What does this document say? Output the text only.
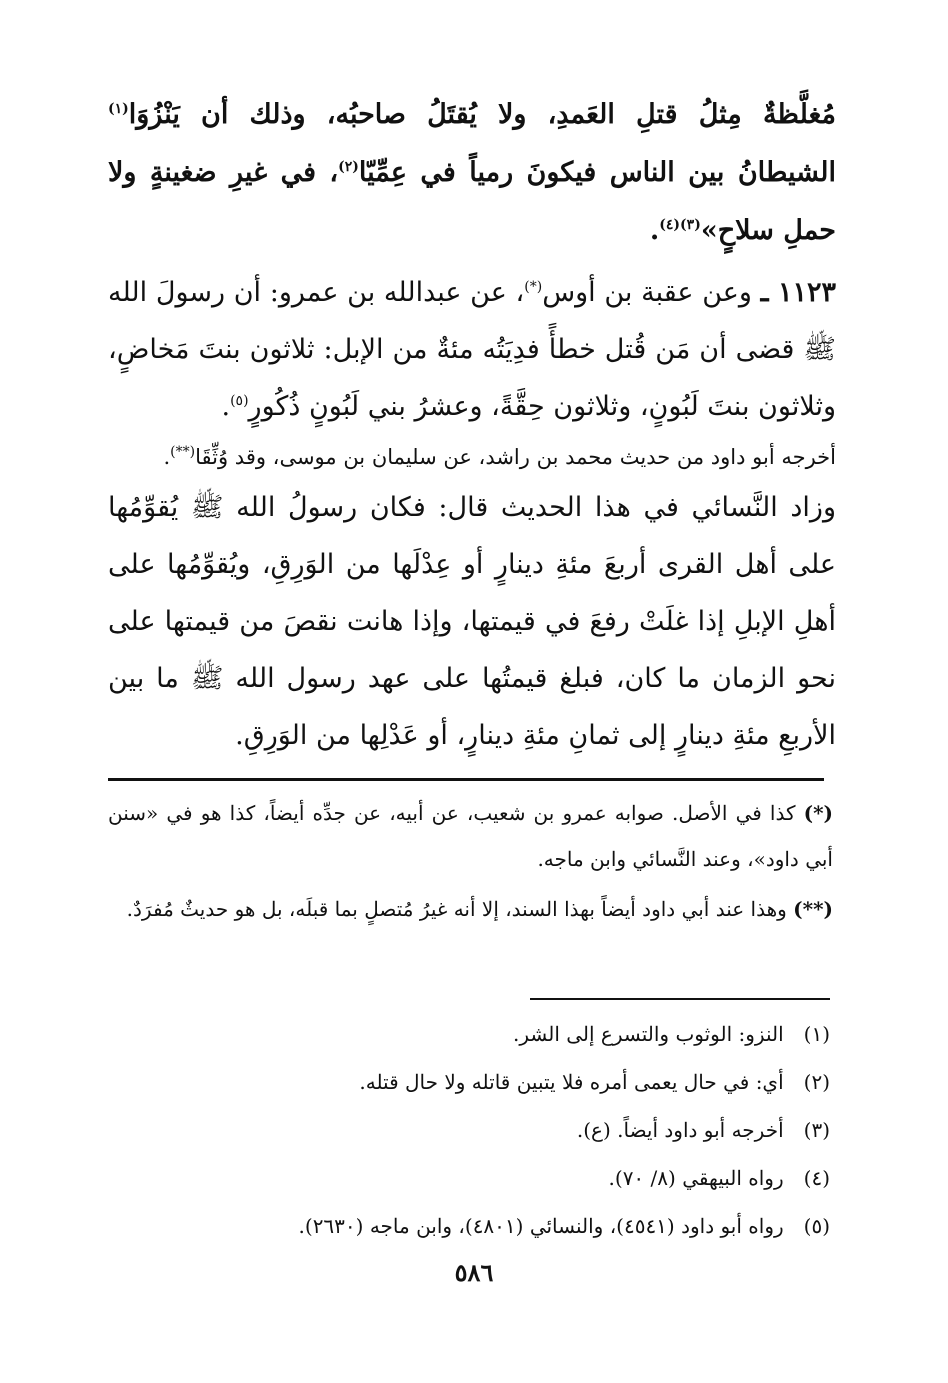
مُغلَّظةٌ مِثلُ قتلِ العَمدِ، ولا يُقتَلُ صاحبُه، وذلك أن يَنْزُوَا$^{(١)}$ الشيطانُ بين الناس فيكونَ رمياً في عِمِّيّا$^{(٢)}$، في غيرِ ضغينةٍ ولا حملِ سلاحٍ»$^{(٣)(٤)}$.

١١٢٣ ـ وعن عقبة بن أوس(*)، عن عبدالله بن عمرو: أن رسولَ الله ﷺ قضى أن مَن قُتل خطأً فدِيَتُه مئةٌ من الإبل: ثلاثون بنتَ مَخاضٍ، وثلاثون بنتَ لَبُونٍ، وثلاثون حِقَّةً، وعشرُ بني لَبُونٍ ذُكُورٍ$^{(٥)}$.

أخرجه أبو داود من حديث محمد بن راشد، عن سليمان بن موسى، وقد وُثِّقَا(**).

وزاد النَّسائي في هذا الحديث قال: فكان رسولُ الله ﷺ يُقوِّمُها على أهل القرى أربعَ مئةِ دينارٍ أو عِدْلَها من الوَرِقِ، ويُقوِّمُها على أهلِ الإبلِ إذا غلَتْ رفعَ في قيمتها، وإذا هانت نقصَ من قيمتها على نحو الزمان ما كان، فبلغ قيمتُها على عهد رسول الله ﷺ ما بين الأربعِ مئةِ دينارٍ إلى ثمانِ مئةِ دينارٍ، أو عَدْلِها من الوَرِقِ.

(*) كذا في الأصل. صوابه عمرو بن شعيب، عن أبيه، عن جدِّه أيضاً، كذا هو في «سنن أبي داود»، وعند النَّسائي وابن ماجه.

(**) وهذا عند أبي داود أيضاً بهذا السند، إلا أنه غيرُ مُتصلٍ بما قبلَه، بل هو حديثٌ مُفرَدٌ.

(١) النزو: الوثوب والتسرع إلى الشر.
(٢) أي: في حال يعمى أمره فلا يتبين قاتله ولا حال قتله.
(٣) أخرجه أبو داود أيضاً. (ع).
(٤) رواه البيهقي (٨/ ٧٠).
(٥) رواه أبو داود (٤٥٤١)، والنسائي (٤٨٠١)، وابن ماجه (٢٦٣٠).
٥٨٦
